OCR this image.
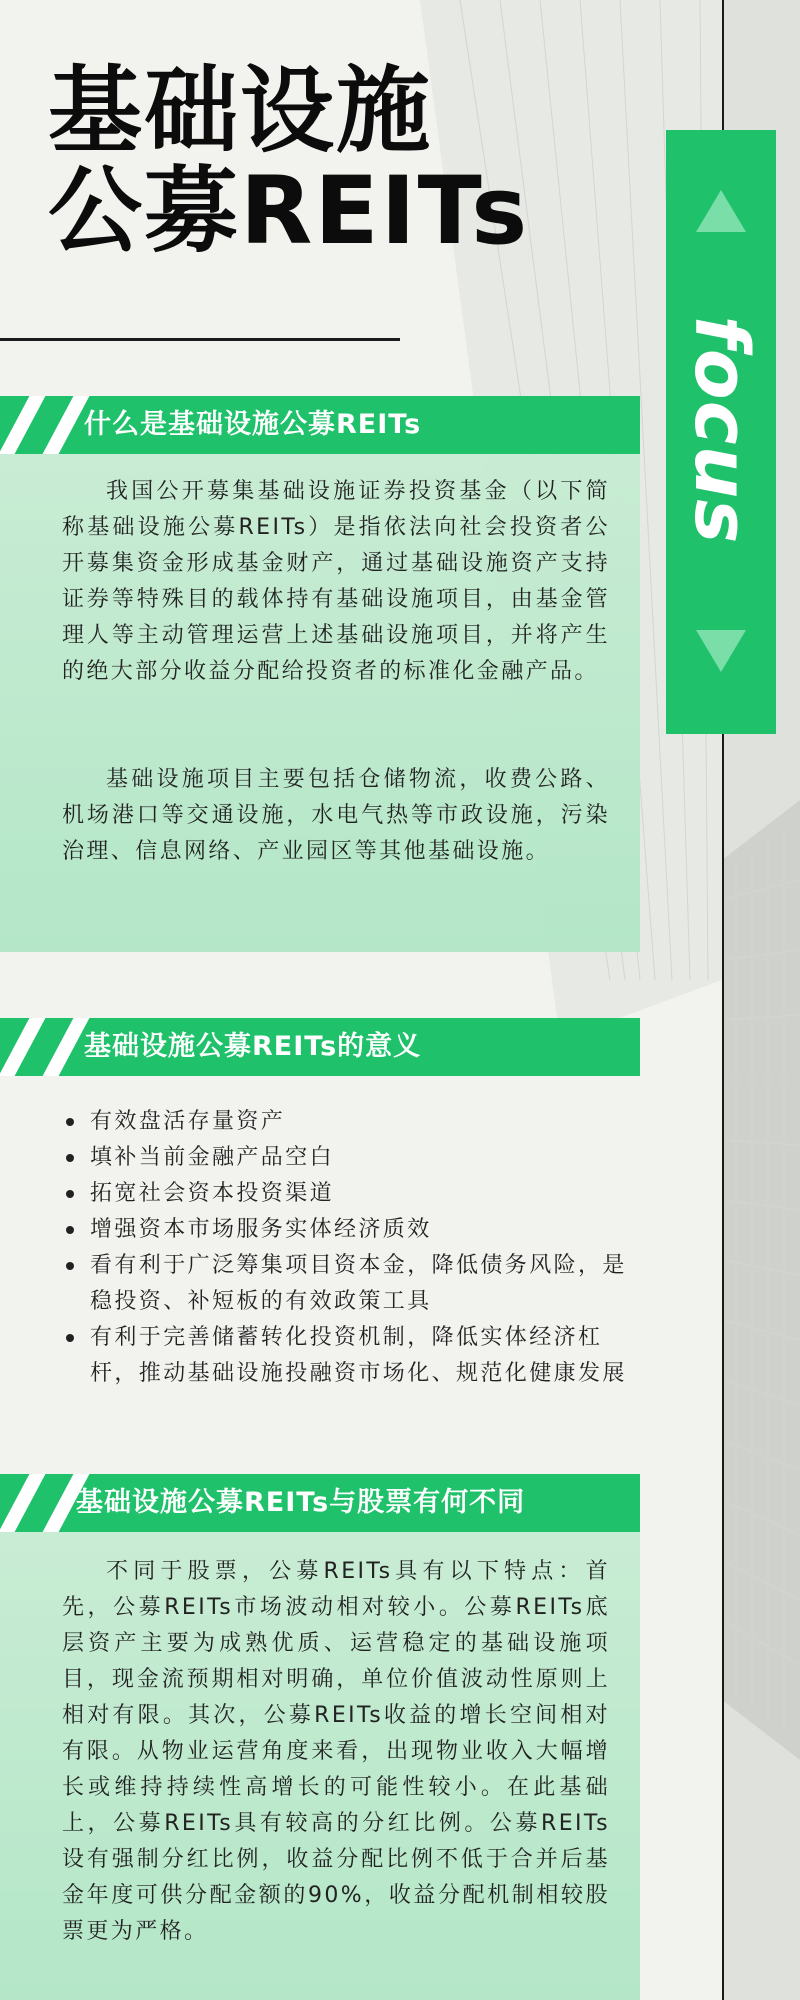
基础设施
公募REITs
focus
什么是基础设施公募REITs

我国公开募集基础设施证券投资基金（以下简称基础设施公募REITs）是指依法向社会投资者公开募集资金形成基金财产，通过基础设施资产支持证券等特殊目的载体持有基础设施项目，由基金管理人等主动管理运营上述基础设施项目，并将产生的绝大部分收益分配给投资者的标准化金融产品。

基础设施项目主要包括仓储物流，收费公路、机场港口等交通设施，水电气热等市政设施，污染治理、信息网络、产业园区等其他基础设施。

基础设施公募REITs的意义
有效盘活存量资产
填补当前金融产品空白
拓宽社会资本投资渠道
增强资本市场服务实体经济质效
看有利于广泛筹集项目资本金，降低债务风险，是稳投资、补短板的有效政策工具
有利于完善储蓄转化投资机制，降低实体经济杠杆，推动基础设施投融资市场化、规范化健康发展
基础设施公募REITs与股票有何不同

不同于股票，公募REITs具有以下特点：首先，公募REITs市场波动相对较小。公募REITs底层资产主要为成熟优质、运营稳定的基础设施项目，现金流预期相对明确，单位价值波动性原则上相对有限。其次，公募REITs收益的增长空间相对有限。从物业运营角度来看，出现物业收入大幅增长或维持持续性高增长的可能性较小。在此基础上，公募REITs具有较高的分红比例。公募REITs设有强制分红比例，收益分配比例不低于合并后基金年度可供分配金额的90%，收益分配机制相较股票更为严格。
